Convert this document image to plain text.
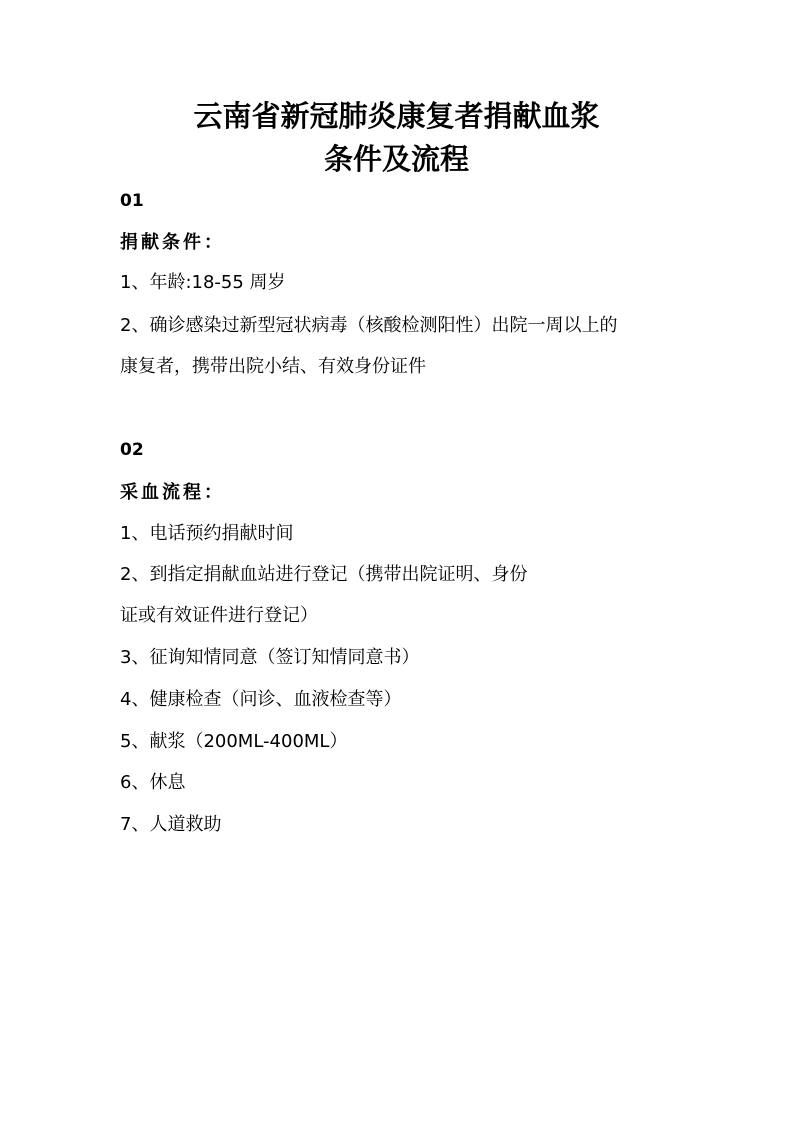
云南省新冠肺炎康复者捐献血浆
条件及流程
01
捐献条件：
1、年龄:18-55 周岁
2、确诊感染过新型冠状病毒（核酸检测阳性）出院一周以上的
康复者，携带出院小结、有效身份证件
02
采血流程：
1、电话预约捐献时间
2、到指定捐献血站进行登记（携带出院证明、身份
证或有效证件进行登记）
3、征询知情同意（签订知情同意书）
4、健康检查（问诊、血液检查等）
5、献浆（200ML-400ML）
6、休息
7、人道救助
